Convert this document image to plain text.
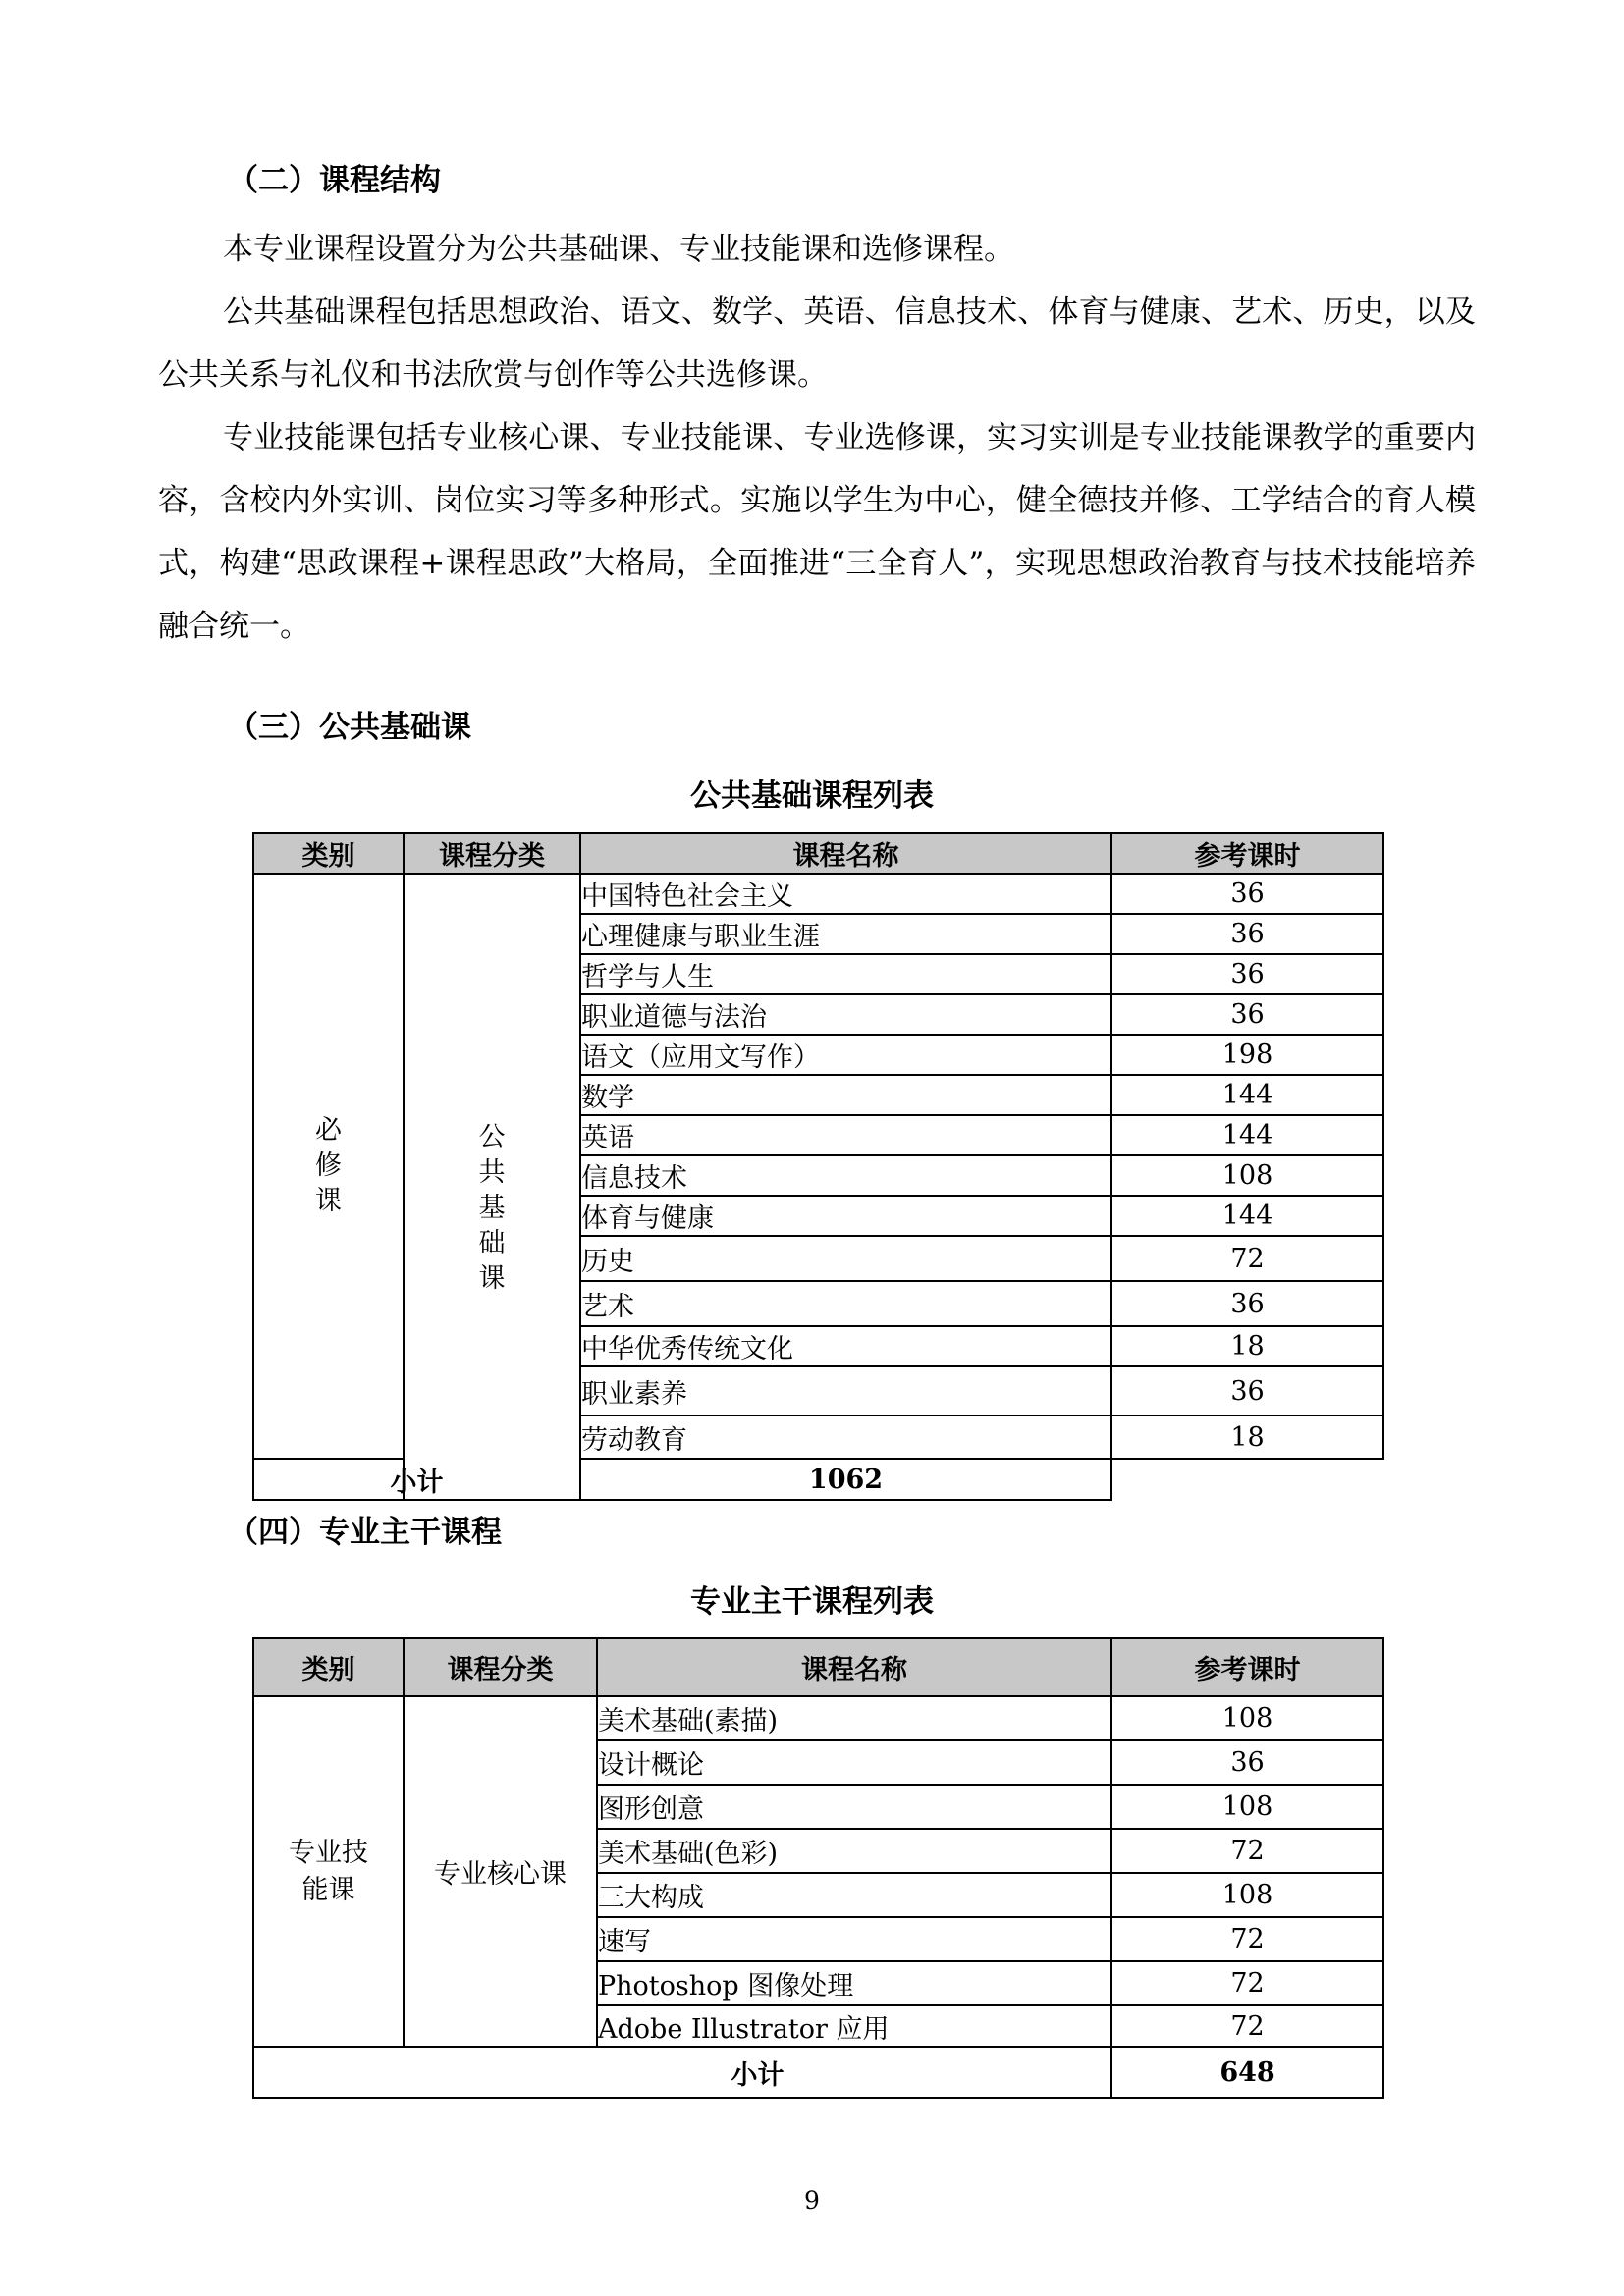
（二）课程结构

本专业课程设置分为公共基础课、专业技能课和选修课程。

公共基础课程包括思想政治、语文、数学、英语、信息技术、体育与健康、艺术、历史，以及公共关系与礼仪和书法欣赏与创作等公共选修课。

专业技能课包括专业核心课、专业技能课、专业选修课，实习实训是专业技能课教学的重要内容，含校内外实训、岗位实习等多种形式。实施以学生为中心，健全德技并修、工学结合的育人模式，构建“思政课程+课程思政”大格局，全面推进“三全育人”，实现思想政治教育与技术技能培养融合统一。

（三）公共基础课
公共基础课程列表
类别	课程分类	课程名称	参考课时
必修课	公共基础课	中国特色社会主义	36
		心理健康与职业生涯	36
		哲学与人生	36
		职业道德与法治	36
		语文（应用文写作）	198
		数学	144
		英语	144
		信息技术	108
		体育与健康	144
		历史	72
		艺术	36
		中华优秀传统文化	18
		职业素养	36
		劳动教育	18
小计		1062	
（四）专业主干课程
专业主干课程列表
类别	课程分类	课程名称	参考课时
专业技能课	专业核心课	美术基础(素描)	108
		设计概论	36
		图形创意	108
		美术基础(色彩)	72
		三大构成	108
		速写	72
		Photoshop 图像处理	72
		Adobe Illustrator 应用	72
小计			648
9
